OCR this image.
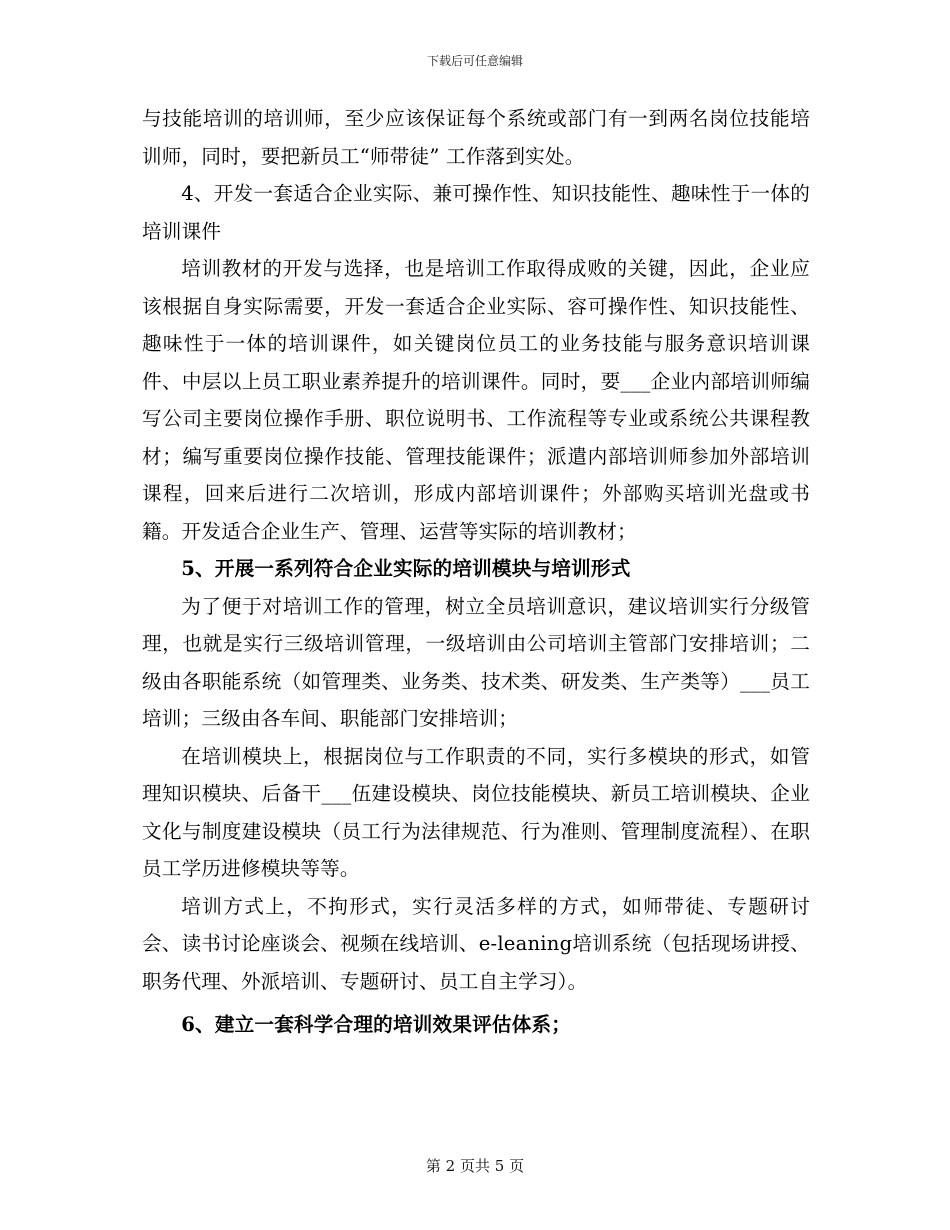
下载后可任意编辑

与技能培训的培训师，至少应该保证每个系统或部门有一到两名岗位技能培训师，同时，要把新员工“师带徒” 工作落到实处。

4、开发一套适合企业实际、兼可操作性、知识技能性、趣味性于一体的培训课件

培训教材的开发与选择，也是培训工作取得成败的关键，因此，企业应该根据自身实际需要，开发一套适合企业实际、容可操作性、知识技能性、趣味性于一体的培训课件，如关键岗位员工的业务技能与服务意识培训课件、中层以上员工职业素养提升的培训课件。同时，要___企业内部培训师编写公司主要岗位操作手册、职位说明书、工作流程等专业或系统公共课程教材；编写重要岗位操作技能、管理技能课件；派遣内部培训师参加外部培训课程，回来后进行二次培训，形成内部培训课件；外部购买培训光盘或书籍。开发适合企业生产、管理、运营等实际的培训教材；

5、开展一系列符合企业实际的培训模块与培训形式

为了便于对培训工作的管理，树立全员培训意识，建议培训实行分级管理，也就是实行三级培训管理，一级培训由公司培训主管部门安排培训；二级由各职能系统（如管理类、业务类、技术类、研发类、生产类等）___员工培训；三级由各车间、职能部门安排培训；

在培训模块上，根据岗位与工作职责的不同，实行多模块的形式，如管理知识模块、后备干___伍建设模块、岗位技能模块、新员工培训模块、企业文化与制度建设模块（员工行为法律规范、行为准则、管理制度流程）、在职员工学历进修模块等等。

培训方式上，不拘形式，实行灵活多样的方式，如师带徒、专题研讨会、读书讨论座谈会、视频在线培训、e-leaning培训系统（包括现场讲授、职务代理、外派培训、专题研讨、员工自主学习）。

6、建立一套科学合理的培训效果评估体系；

第 2 页共 5 页
